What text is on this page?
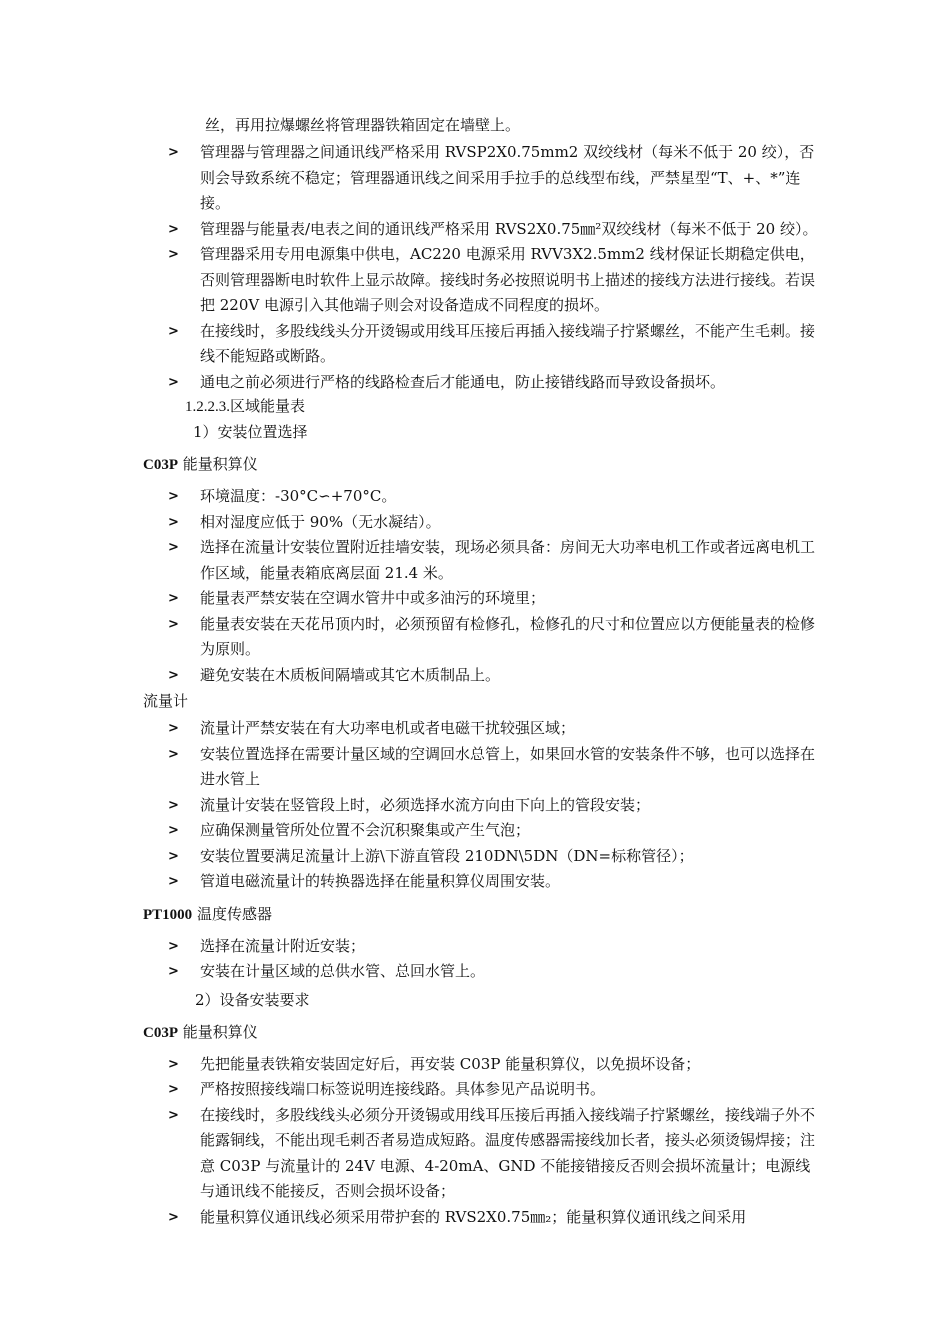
丝，再用拉爆螺丝将管理器铁箱固定在墙壁上。
> 管理器与管理器之间通讯线严格采用 RVSP2X0.75mm2 双绞线材（每米不低于 20 绞），否则会导致系统不稳定；管理器通讯线之间采用手拉手的总线型布线，严禁星型“T、+、*”连接。
> 管理器与能量表/电表之间的通讯线严格采用 RVS2X0.75㎜²双绞线材（每米不低于 20 绞）。
> 管理器采用专用电源集中供电，AC220 电源采用 RVV3X2.5mm2 线材保证长期稳定供电，否则管理器断电时软件上显示故障。接线时务必按照说明书上描述的接线方法进行接线。若误把 220V 电源引入其他端子则会对设备造成不同程度的损坏。
> 在接线时，多股线线头分开烫锡或用线耳压接后再插入接线端子拧紧螺丝，不能产生毛刺。接线不能短路或断路。
> 通电之前必须进行严格的线路检查后才能通电，防止接错线路而导致设备损坏。
1.2.2.3.区域能量表
1）安装位置选择
C03P 能量积算仪
> 环境温度：-30°C∽+70°C。
> 相对湿度应低于 90%（无水凝结）。
> 选择在流量计安装位置附近挂墙安装，现场必须具备：房间无大功率电机工作或者远离电机工作区域，能量表箱底离层面 21.4 米。
> 能量表严禁安装在空调水管井中或多油污的环境里；
> 能量表安装在天花吊顶内时，必须预留有检修孔，检修孔的尺寸和位置应以方便能量表的检修为原则。
> 避免安装在木质板间隔墙或其它木质制品上。
流量计
> 流量计严禁安装在有大功率电机或者电磁干扰较强区域；
> 安装位置选择在需要计量区域的空调回水总管上，如果回水管的安装条件不够，也可以选择在进水管上
> 流量计安装在竖管段上时，必须选择水流方向由下向上的管段安装；
> 应确保测量管所处位置不会沉积聚集或产生气泡；
> 安装位置要满足流量计上游\下游直管段 210DN\5DN（DN=标称管径）；
> 管道电磁流量计的转换器选择在能量积算仪周围安装。
PT1000 温度传感器
> 选择在流量计附近安装；
> 安装在计量区域的总供水管、总回水管上。
2）设备安装要求
C03P 能量积算仪
> 先把能量表铁箱安装固定好后，再安装 C03P 能量积算仪，以免损坏设备；
> 严格按照接线端口标签说明连接线路。具体参见产品说明书。
> 在接线时，多股线线头必须分开烫锡或用线耳压接后再插入接线端子拧紧螺丝，接线端子外不能露铜线，不能出现毛刺否者易造成短路。温度传感器需接线加长者，接头必须烫锡焊接；注意 C03P 与流量计的 24V 电源、4-20mA、GND 不能接错接反否则会损坏流量计；电源线与通讯线不能接反，否则会损坏设备；
> 能量积算仪通讯线必须采用带护套的 RVS2X0.75㎜₂；能量积算仪通讯线之间采用
